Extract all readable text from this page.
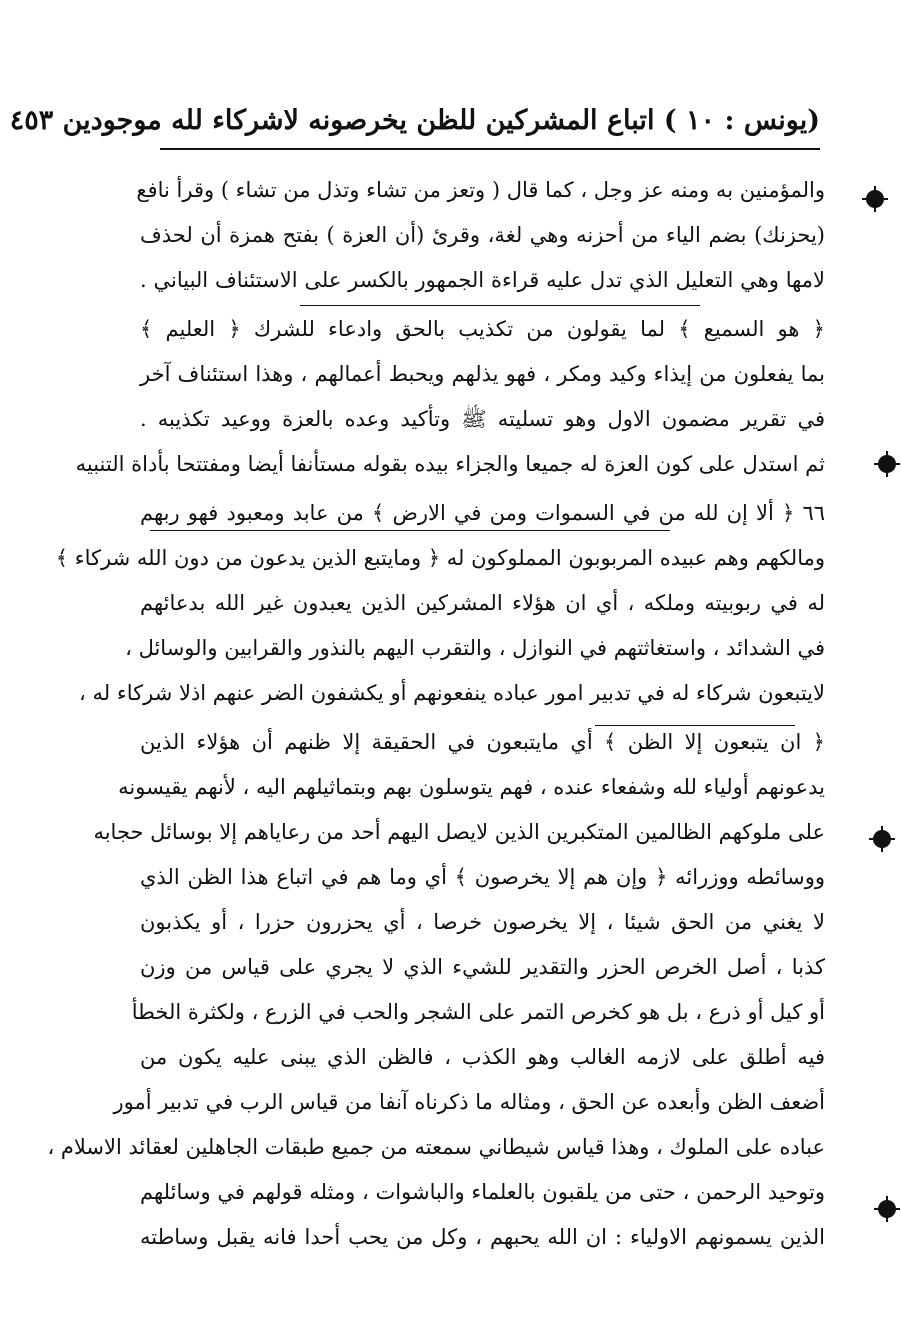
(يونس : ١٠ ) اتباع المشركين للظن يخرصونه لاشركاء لله موجودين ٤٥٣
والمؤمنين به ومنه عز وجل ، كما قال ( وتعز من تشاء وتذل من تشاء ) وقرأ نافع
(يحزنك) بضم الياء من أحزنه وهي لغة، وقرئ (أن العزة ) بفتح همزة أن لحذف
لامها وهي التعليل الذي تدل عليه قراءة الجمهور بالكسر على الاستئناف البياني .
﴿ هو السميع ﴾ لما يقولون من تكذيب بالحق وادعاء للشرك ﴿ العليم ﴾
بما يفعلون من إيذاء وكيد ومكر ، فهو يذلهم ويحبط أعمالهم ، وهذا استئناف آخر
في تقرير مضمون الاول وهو تسليته ﷺ وتأكيد وعده بالعزة ووعيد تكذيبه .
ثم استدل على كون العزة له جميعا والجزاء بيده بقوله مستأنفا أيضا ومفتتحا بأداة التنبيه
٦٦ ﴿ ألا إن لله من في السموات ومن في الارض ﴾ من عابد ومعبود فهو ربهم
ومالكهم وهم عبيده المربوبون المملوكون له ﴿ ومايتبع الذين يدعون من دون الله شركاء ﴾
له في ربوبيته وملكه ، أي ان هؤلاء المشركين الذين يعبدون غير الله بدعائهم
في الشدائد ، واستغاثتهم في النوازل ، والتقرب اليهم بالنذور والقرابين والوسائل ،
لايتبعون شركاء له في تدبير امور عباده ينفعونهم أو يكشفون الضر عنهم اذلا شركاء له ،
﴿ ان يتبعون إلا الظن ﴾ أي مايتبعون في الحقيقة إلا ظنهم أن هؤلاء الذين
يدعونهم أولياء لله وشفعاء عنده ، فهم يتوسلون بهم وبتماثيلهم اليه ، لأنهم يقيسونه
على ملوكهم الظالمين المتكبرين الذين لايصل اليهم أحد من رعاياهم إلا بوسائل حجابه
ووسائطه ووزرائه ﴿ وإن هم إلا يخرصون ﴾ أي وما هم في اتباع هذا الظن الذي
لا يغني من الحق شيئا ، إلا يخرصون خرصا ، أي يحزرون حزرا ، أو يكذبون
كذبا ، أصل الخرص الحزر والتقدير للشيء الذي لا يجري على قياس من وزن
أو كيل أو ذرع ، بل هو كخرص التمر على الشجر والحب في الزرع ، ولكثرة الخطأ
فيه أطلق على لازمه الغالب وهو الكذب ، فالظن الذي يبنى عليه يكون من
أضعف الظن وأبعده عن الحق ، ومثاله ما ذكرناه آنفا من قياس الرب في تدبير أمور
عباده على الملوك ، وهذا قياس شيطاني سمعته من جميع طبقات الجاهلين لعقائد الاسلام ،
وتوحيد الرحمن ، حتى من يلقبون بالعلماء والباشوات ، ومثله قولهم في وسائلهم
الذين يسمونهم الاولياء : ان الله يحبهم ، وكل من يحب أحدا فانه يقبل وساطته
